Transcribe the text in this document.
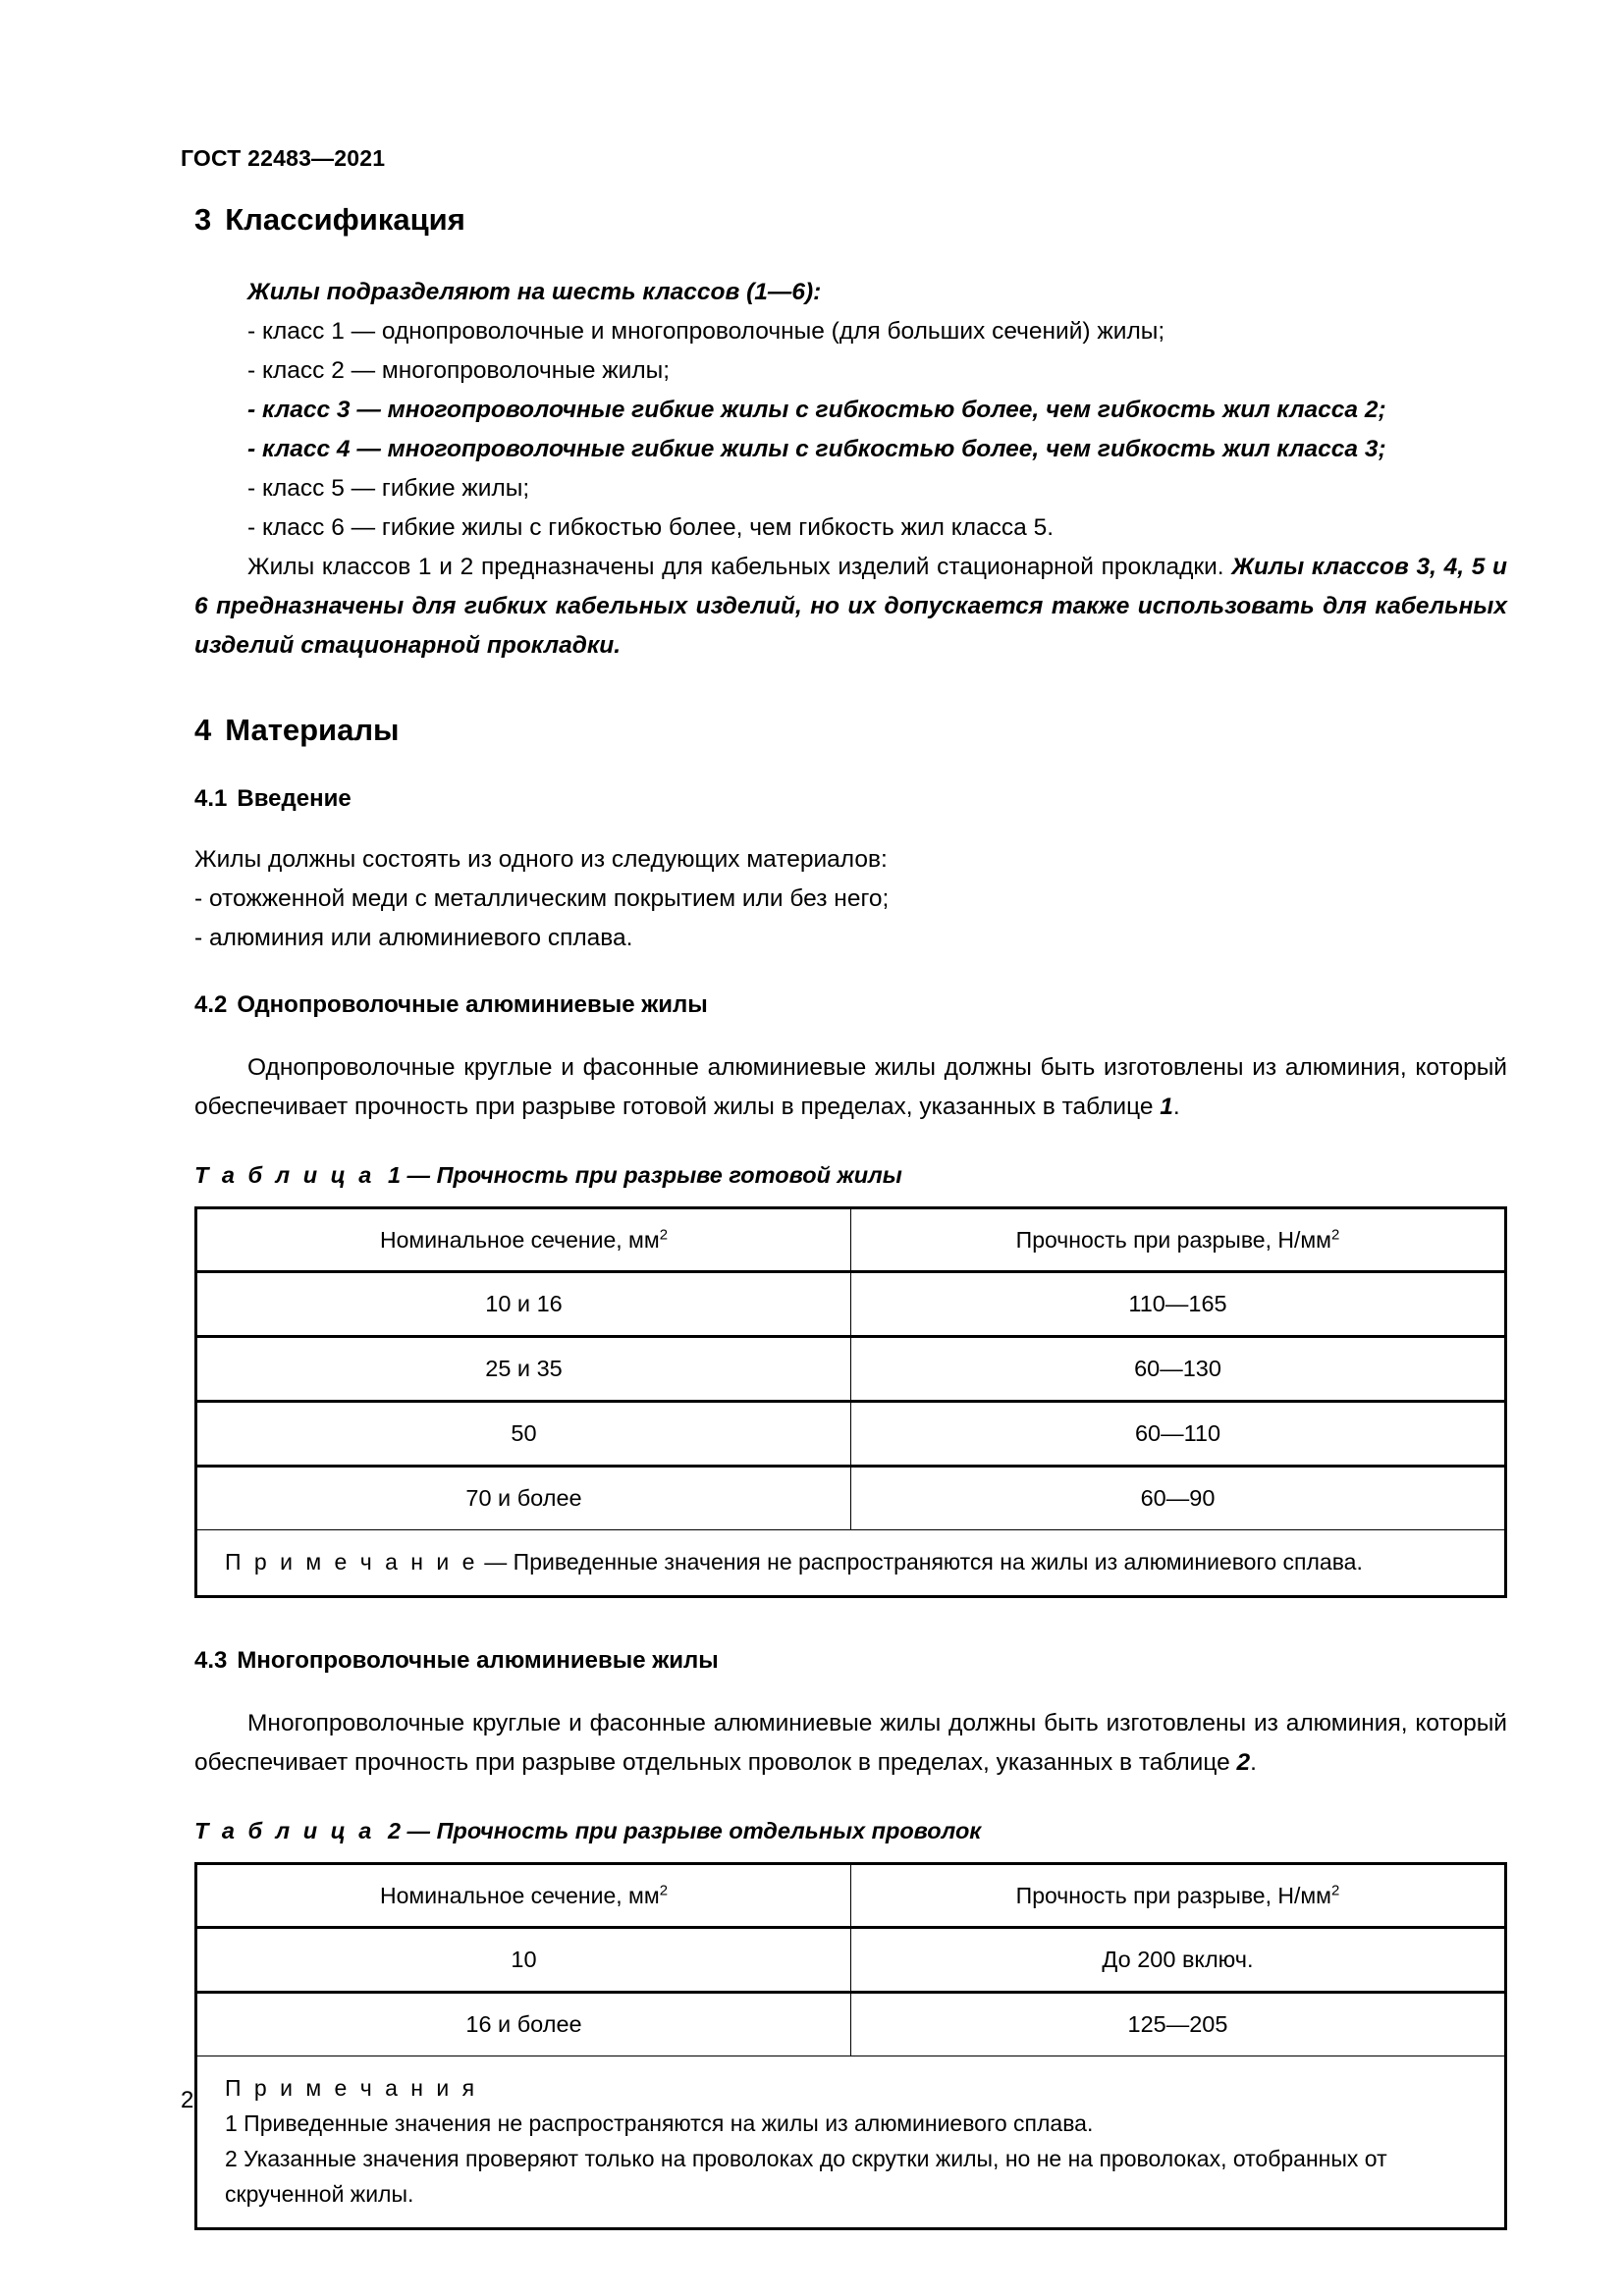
ГОСТ 22483—2021
3 Классификация

Жилы подразделяют на шесть классов (1—6):

- класс 1 — однопроволочные и многопроволочные (для больших сечений) жилы;

- класс 2 — многопроволочные жилы;

- класс 3 — многопроволочные гибкие жилы с гибкостью более, чем гибкость жил класса 2;

- класс 4 — многопроволочные гибкие жилы с гибкостью более, чем гибкость жил класса 3;

- класс 5 — гибкие жилы;

- класс 6 — гибкие жилы с гибкостью более, чем гибкость жил класса 5.

Жилы классов 1 и 2 предназначены для кабельных изделий стационарной прокладки. Жилы классов 3, 4, 5 и 6 предназначены для гибких кабельных изделий, но их допускается также использовать для кабельных изделий стационарной прокладки.

4 Материалы
4.1 Введение

Жилы должны состоять из одного из следующих материалов:

- отожженной меди с металлическим покрытием или без него;

- алюминия или алюминиевого сплава.

4.2 Однопроволочные алюминиевые жилы

Однопроволочные круглые и фасонные алюминиевые жилы должны быть изготовлены из алюминия, который обеспечивает прочность при разрыве готовой жилы в пределах, указанных в таблице 1.

Т а б л и ц а 1 — Прочность при разрыве готовой жилы

Номинальное сечение, $мм^2$	Прочность при разрыве, $Н/мм^2$
10 и 16	110—165
25 и 35	60—130
50	60—110
70 и более	60—90
П р и м е ч а н и е — Приведенные значения не распространяются на жилы из алюминиевого сплава.	
4.3 Многопроволочные алюминиевые жилы

Многопроволочные круглые и фасонные алюминиевые жилы должны быть изготовлены из алюминия, который обеспечивает прочность при разрыве отдельных проволок в пределах, указанных в таблице 2.

Т а б л и ц а 2 — Прочность при разрыве отдельных проволок

Номинальное сечение, $мм^2$	Прочность при разрыве, $Н/мм^2$
10	До 200 включ.
16 и более	125—205
П р и м е ч а н и я
1 Приведенные значения не распространяются на жилы из алюминиевого сплава.
2 Указанные значения проверяют только на проволоках до скрутки жилы, но не на проволоках, отобранных от скрученной жилы.	
2
